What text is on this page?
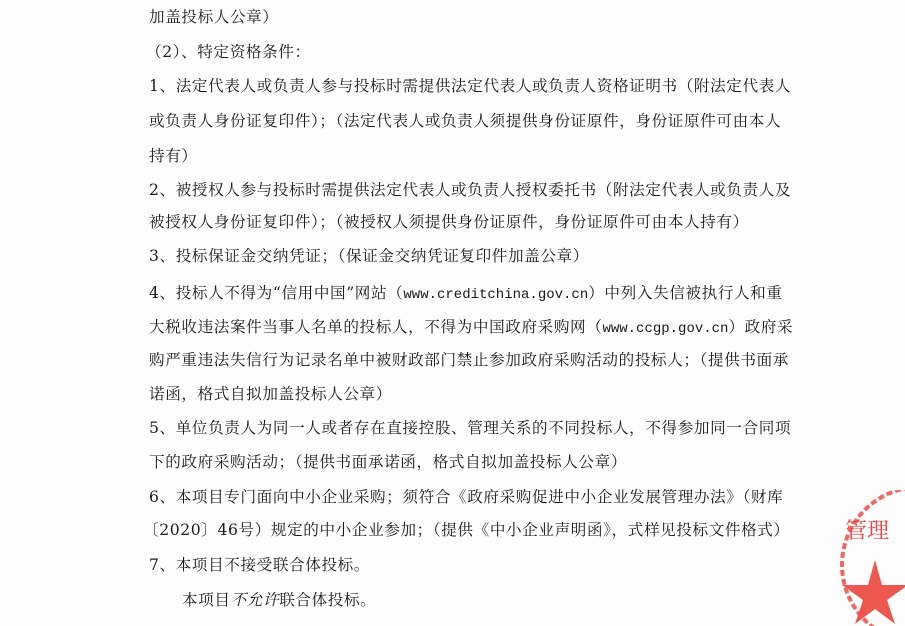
加盖投标人公章）
（2）、特定资格条件：
1、法定代表人或负责人参与投标时需提供法定代表人或负责人资格证明书（附法定代表人
或负责人身份证复印件）；（法定代表人或负责人须提供身份证原件，身份证原件可由本人
持有）
2、被授权人参与投标时需提供法定代表人或负责人授权委托书（附法定代表人或负责人及
被授权人身份证复印件）；（被授权人须提供身份证原件，身份证原件可由本人持有）
3、投标保证金交纳凭证；（保证金交纳凭证复印件加盖公章）
4、投标人不得为“信用中国”网站（www.creditchina.gov.cn）中列入失信被执行人和重
大税收违法案件当事人名单的投标人，不得为中国政府采购网（www.ccgp.gov.cn）政府采
购严重违法失信行为记录名单中被财政部门禁止参加政府采购活动的投标人；（提供书面承
诺函，格式自拟加盖投标人公章）
5、单位负责人为同一人或者存在直接控股、管理关系的不同投标人，不得参加同一合同项
下的政府采购活动；（提供书面承诺函，格式自拟加盖投标人公章）
6、本项目专门面向中小企业采购；须符合《政府采购促进中小企业发展管理办法》（财库
〔2020〕46号）规定的中小企业参加；（提供《中小企业声明函》，式样见投标文件格式）
7、本项目不接受联合体投标。
本项目不允许联合体投标。
管理
